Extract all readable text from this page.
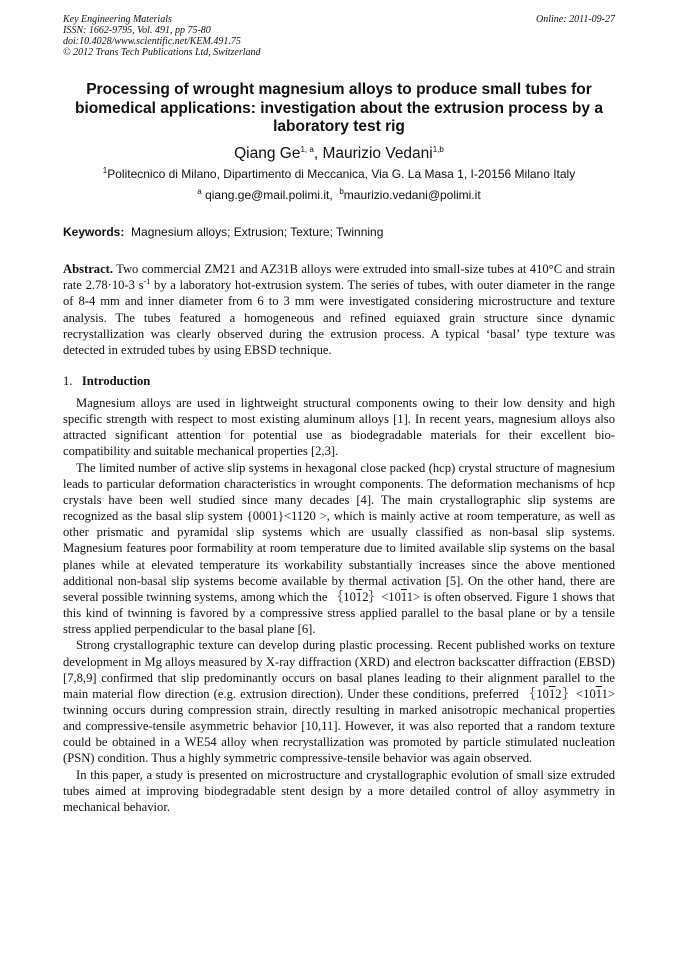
Key Engineering Materials
ISSN: 1662-9795, Vol. 491, pp 75-80
doi:10.4028/www.scientific.net/KEM.491.75
© 2012 Trans Tech Publications Ltd, Switzerland
Online: 2011-09-27
Processing of wrought magnesium alloys to produce small tubes for biomedical applications: investigation about the extrusion process by a laboratory test rig
Qiang Ge$^{1, a}$, Maurizio Vedani$^{1,b}$
$^1$Politecnico di Milano, Dipartimento di Meccanica, Via G. La Masa 1, I-20156 Milano Italy
$^a$ qiang.ge@mail.polimi.it, $^b$maurizio.vedani@polimi.it
Keywords: Magnesium alloys; Extrusion; Texture; Twinning

Abstract. Two commercial ZM21 and AZ31B alloys were extruded into small-size tubes at 410°C and strain rate 2.78·10-3 $s^{-1}$ by a laboratory hot-extrusion system. The series of tubes, with outer diameter in the range of 8-4 mm and inner diameter from 6 to 3 mm were investigated considering microstructure and texture analysis. The tubes featured a homogeneous and refined equiaxed grain structure since dynamic recrystallization was clearly observed during the extrusion process. A typical ‘basal’ type texture was detected in extruded tubes by using EBSD technique.

1. Introduction

Magnesium alloys are used in lightweight structural components owing to their low density and high specific strength with respect to most existing aluminum alloys [1]. In recent years, magnesium alloys also attracted significant attention for potential use as biodegradable materials for their excellent bio-compatibility and suitable mechanical properties [2,3].

The limited number of active slip systems in hexagonal close packed (hcp) crystal structure of magnesium leads to particular deformation characteristics in wrought components. The deformation mechanisms of hcp crystals have been well studied since many decades [4]. The main crystallographic slip systems are recognized as the basal slip system {0001}<1120 >, which is mainly active at room temperature, as well as other prismatic and pyramidal slip systems which are usually classified as non-basal slip systems. Magnesium features poor formability at room temperature due to limited available slip systems on the basal planes while at elevated temperature its workability substantially increases since the above mentioned additional non-basal slip systems become available by thermal activation [5]. On the other hand, there are several possible twinning systems, among which the ｛1012｝<1011> is often observed. Figure 1 shows that this kind of twinning is favored by a compressive stress applied parallel to the basal plane or by a tensile stress applied perpendicular to the basal plane [6].

Strong crystallographic texture can develop during plastic processing. Recent published works on texture development in Mg alloys measured by X-ray diffraction (XRD) and electron backscatter diffraction (EBSD) [7,8,9] confirmed that slip predominantly occurs on basal planes leading to their alignment parallel to the main material flow direction (e.g. extrusion direction). Under these conditions, preferred ｛1012｝<1011> twinning occurs during compression strain, directly resulting in marked anisotropic mechanical properties and compressive-tensile asymmetric behavior [10,11]. However, it was also reported that a random texture could be obtained in a WE54 alloy when recrystallization was promoted by particle stimulated nucleation (PSN) condition. Thus a highly symmetric compressive-tensile behavior was again observed.

In this paper, a study is presented on microstructure and crystallographic evolution of small size extruded tubes aimed at improving biodegradable stent design by a more detailed control of alloy asymmetry in mechanical behavior.
